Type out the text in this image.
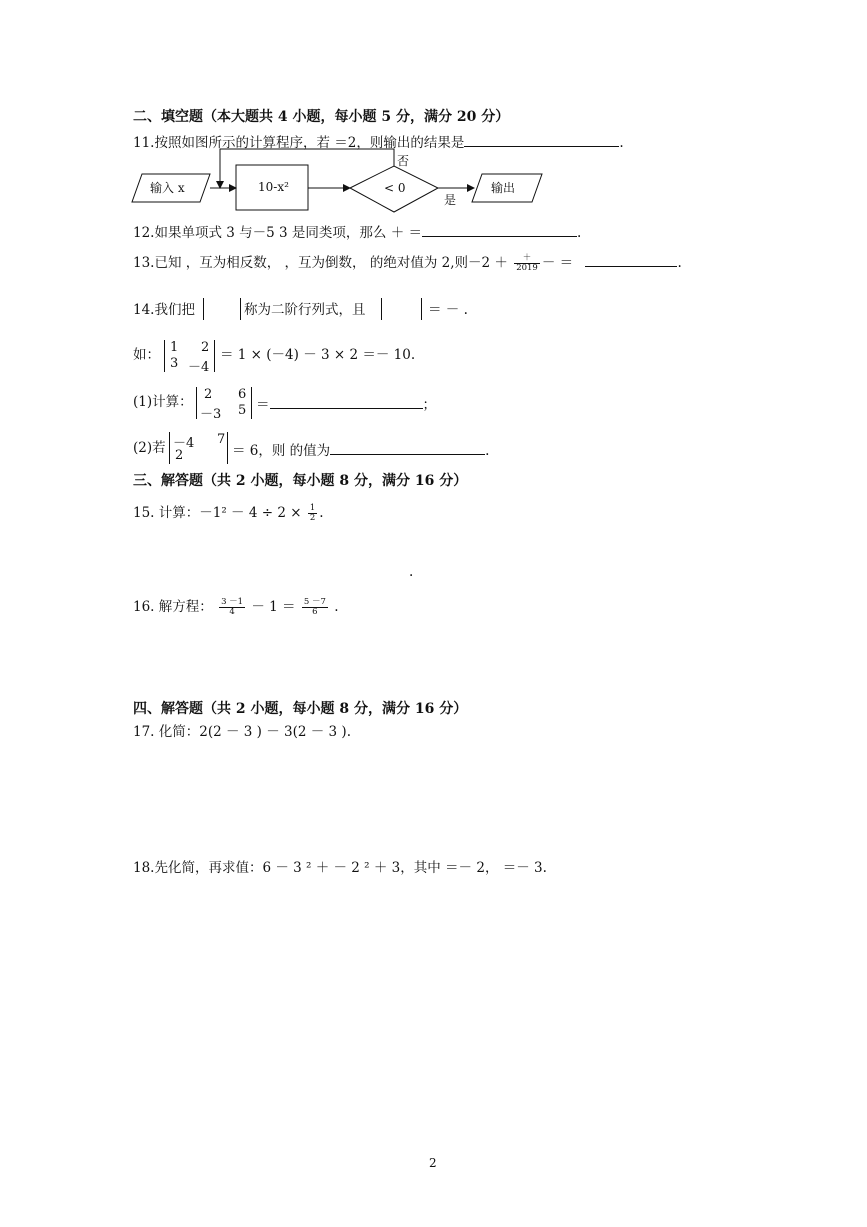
二、填空题（本大题共 4 小题，每小题 5 分，满分 20 分）
11.按照如图所示的计算程序，若 ＝2，则输出的结果是	.
输入 x	10-x²	< 0
否
是
输出
12.如果单项式 3 与－5 3 是同类项，那么 ＋ ＝	.
13.已知 ，互为相反数， ，互为倒数， 的绝对值为 2,则$-2 + \frac{+}{2019}$ － ＝	.
14.我们把	称为二阶行列式，且	＝ － .
如： 1 2
3 －4
＝ 1 × (－4) － 3 × 2 ＝－ 10.
(1)计算： 2 6
－3 5 ＝	；
(2)若 －4 7
2	＝ 6，则 的值为	.
三、解答题（共 2 小题，每小题 8 分，满分 16 分）
15. 计算：$-1^2 - 4 \div 2 \times \frac{1}{2}$ .
.
16. 解方程： $\frac{3 -1}{4} - 1 = \frac{5 -7}{6}$ .
四、解答题（共 2 小题，每小题 8 分，满分 16 分）
17. 化简：2(2 － 3 ) － 3(2 － 3 ).
18.先化简，再求值：6 － 3 ² ＋ － 2 ² ＋ 3，其中 ＝－ 2， ＝－ 3.
2
